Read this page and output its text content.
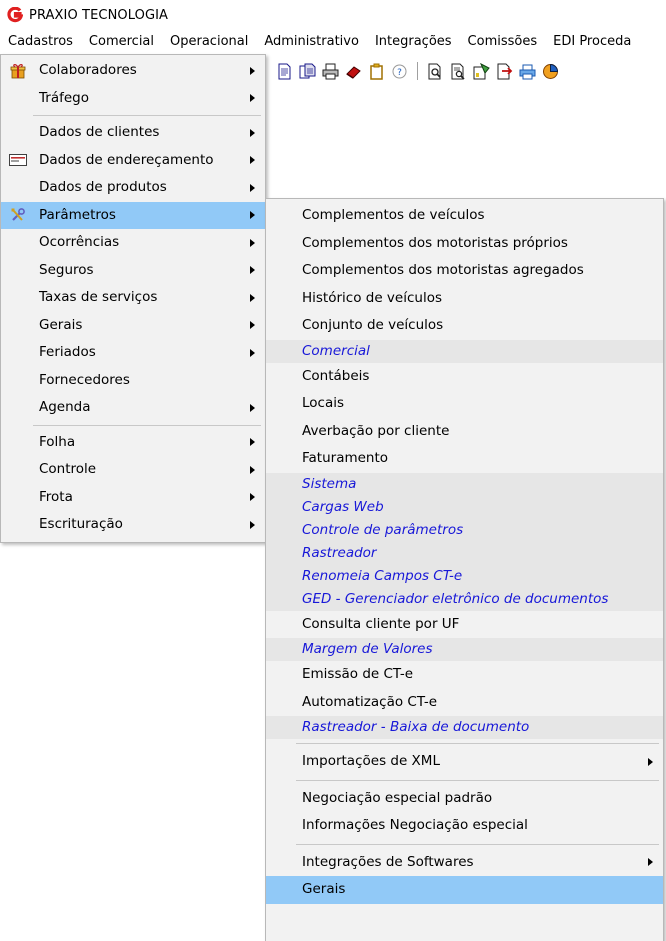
PRAXIO TECNOLOGIA
Cadastros	Comercial	Operacional	Administrativo	Integrações	Comissões	EDI Proceda
?
Colaboradores
Tráfego
Dados de clientes
Dados de endereçamento
Dados de produtos
Parâmetros
Ocorrências
Seguros
Taxas de serviços
Gerais
Feriados
Fornecedores
Agenda
Folha
Controle
Frota
Escrituração
Complementos de veículos
Complementos dos motoristas próprios
Complementos dos motoristas agregados
Histórico de veículos
Conjunto de veículos
Comercial
Contábeis
Locais
Averbação por cliente
Faturamento
Sistema
Cargas Web
Controle de parâmetros
Rastreador
Renomeia Campos CT-e
GED - Gerenciador eletrônico de documentos
Consulta cliente por UF
Margem de Valores
Emissão de CT-e
Automatização CT-e
Rastreador - Baixa de documento
Importações de XML
Negociação especial padrão
Informações Negociação especial
Integrações de Softwares
Gerais
